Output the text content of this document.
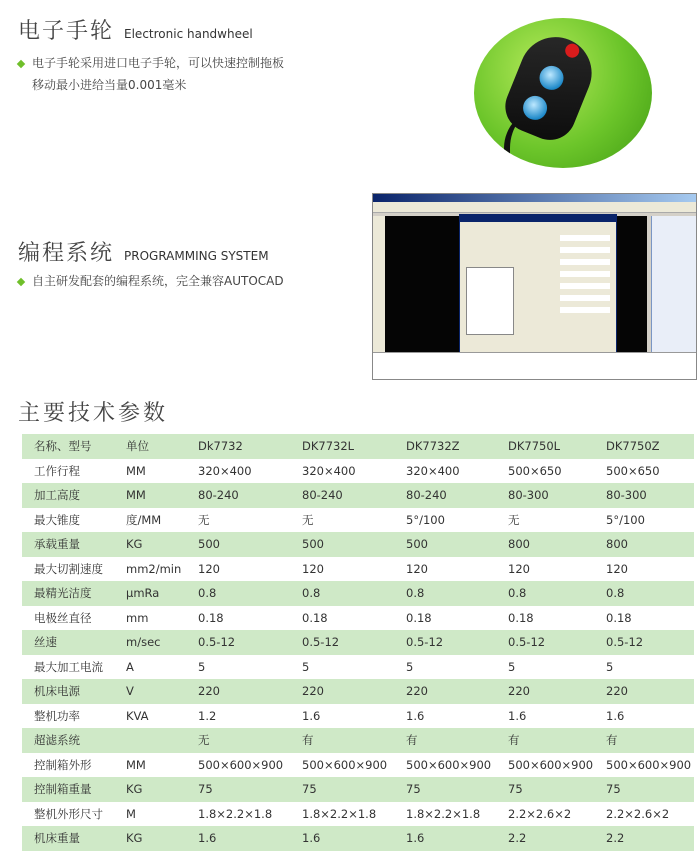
电子手轮 Electronic handwheel
电子手轮采用进口电子手轮，可以快速控制拖板
移动最小进给当量0.001毫米
编程系统 PROGRAMMING SYSTEM
自主研发配套的编程系统，完全兼容AUTOCAD
主要技术参数
名称、型号	单位	Dk7732	DK7732L	DK7732Z	DK7750L	DK7750Z
工作行程	MM	320×400	320×400	320×400	500×650	500×650
加工高度	MM	80-240	80-240	80-240	80-300	80-300
最大锥度	度/MM	无	无	5°/100	无	5°/100
承载重量	KG	500	500	500	800	800
最大切割速度	mm2/min	120	120	120	120	120
最精光洁度	μmRa	0.8	0.8	0.8	0.8	0.8
电极丝直径	mm	0.18	0.18	0.18	0.18	0.18
丝速	m/sec	0.5-12	0.5-12	0.5-12	0.5-12	0.5-12
最大加工电流	A	5	5	5	5	5
机床电源	V	220	220	220	220	220
整机功率	KVA	1.2	1.6	1.6	1.6	1.6
超滤系统		无	有	有	有	有
控制箱外形	MM	500×600×900	500×600×900	500×600×900	500×600×900	500×600×900
控制箱重量	KG	75	75	75	75	75
整机外形尺寸	M	1.8×2.2×1.8	1.8×2.2×1.8	1.8×2.2×1.8	2.2×2.6×2	2.2×2.6×2
机床重量	KG	1.6	1.6	1.6	2.2	2.2
